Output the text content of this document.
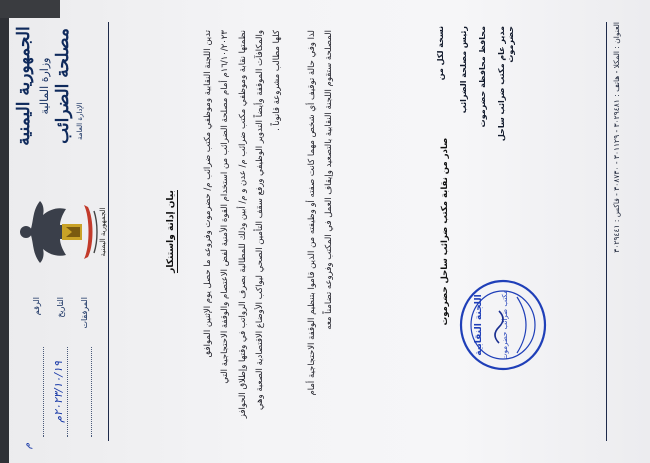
الجمهورية اليمنية وزارة المالية مصلحة الضرائب الإدارة العامة
الجمهورية اليمنية
الرقم التاريخ
٢٠٢٣/١٠/١٩م
المرفقات
م
بيان إدانة واستنكار	تدين اللجنة النقابية وموظفي مكتب ضرائب م/ حضرموت وفروعه ما حصل يوم الإثنين الموافق ١٦/١٠/٢٠٢٣م أمام مصلحة الضرائب من استخدام القوة الأمنية لفض الاعتصام والوقفة الاحتجاجية التي نظمتها نقابة وموظفي مكتب ضرائب م/ عدن و م/ أبين وذلك للمطالبة بصرف الرواتب في وقتها وإطلاق الحوافز والمكافآت الموقفة وأيضاً التدوير الوظيفي ورفع سقف التأمين الصحي ليواكب الأوضاع الاقتصادية الصعبة وهي كلها مطالب مشروعة قانوناً .

	لذا وفي حالة توقيف أي شخص مهما كانت صفته أو وظيفته من الذين قاموا بتنظيم الوقفة الاحتجاجية أمام المصلحة ستقوم اللجنة النقابية بالتصعيد وإيقاف العمل في المكتب وفروعه تضامناً معه	صادر من نقابة مكتب ضرائب ساحل حضرموت	اللجنة النقابية مكتب ضرائب حضرموت
نسخة لكل من رئيس مصلحة الضرائب محافظ محافظة حضرموت مدير عام مكتب ضرائب ساحل حضرموت
العنوان : المكلا - هاتف : ٣٠٢٩٤٨١ - ٣٠١١٢٩ - ٣٠٨٧٣٠ - فاكس : ٣٠٢٩٤٤١
